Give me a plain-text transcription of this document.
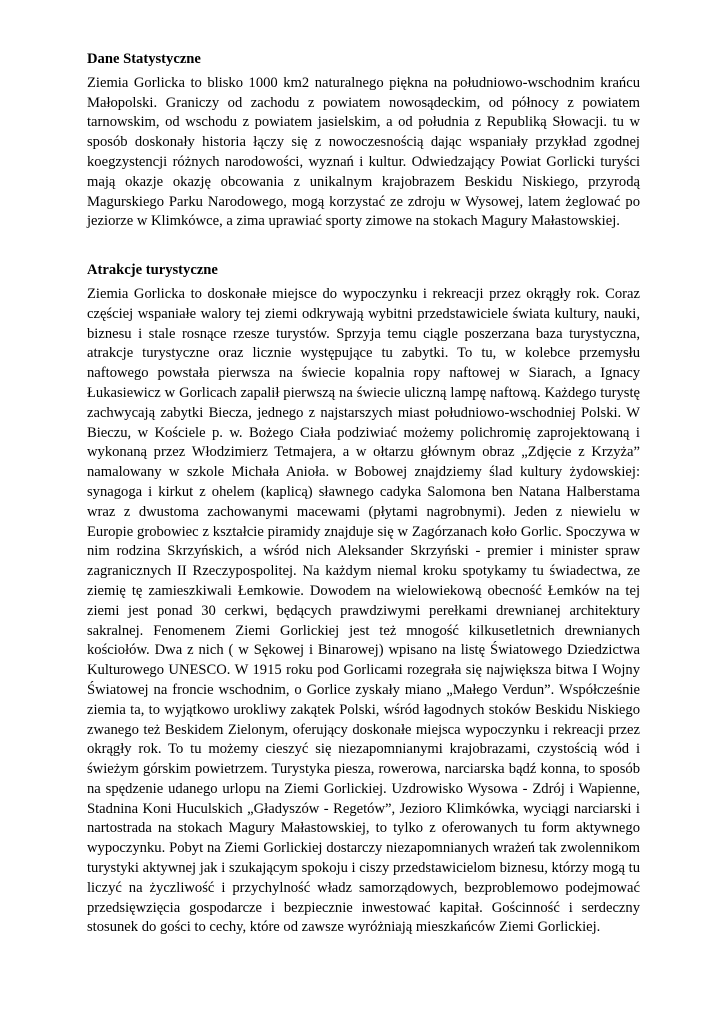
Dane Statystyczne

Ziemia Gorlicka to blisko 1000 km2 naturalnego piękna na południowo-wschodnim krańcu Małopolski. Graniczy od zachodu z powiatem nowosądeckim, od północy z powiatem tarnowskim, od wschodu z powiatem jasielskim, a od południa z Republiką Słowacji. tu w sposób doskonały historia łączy się z nowoczesnością dając wspaniały przykład zgodnej koegzystencji różnych narodowości, wyznań i kultur. Odwiedzający Powiat Gorlicki turyści mają okazje okazję obcowania z unikalnym krajobrazem Beskidu Niskiego, przyrodą Magurskiego Parku Narodowego, mogą korzystać ze zdroju w Wysowej, latem żeglować po jeziorze w Klimkówce, a zima uprawiać sporty zimowe na stokach Magury Małastowskiej.

Atrakcje turystyczne

Ziemia Gorlicka to doskonałe miejsce do wypoczynku i rekreacji przez okrągły rok. Coraz częściej wspaniałe walory tej ziemi odkrywają wybitni przedstawiciele świata kultury, nauki, biznesu i stale rosnące rzesze turystów. Sprzyja temu ciągle poszerzana baza turystyczna, atrakcje turystyczne oraz licznie występujące tu zabytki. To tu, w kolebce przemysłu naftowego powstała pierwsza na świecie kopalnia ropy naftowej w Siarach, a Ignacy Łukasiewicz w Gorlicach zapalił pierwszą na świecie uliczną lampę naftową. Każdego turystę zachwycają zabytki Biecza, jednego z najstarszych miast południowo-wschodniej Polski. W Bieczu, w Kościele p. w. Bożego Ciała podziwiać możemy polichromię zaprojektowaną i wykonaną przez Włodzimierz Tetmajera, a w ołtarzu głównym obraz „Zdjęcie z Krzyża” namalowany w szkole Michała Anioła. w Bobowej znajdziemy ślad kultury żydowskiej: synagoga i kirkut z ohelem (kaplicą) sławnego cadyka Salomona ben Natana Halberstama wraz z dwustoma zachowanymi macewami (płytami nagrobnymi). Jeden z niewielu w Europie grobowiec z kształcie piramidy znajduje się w Zagórzanach koło Gorlic. Spoczywa w nim rodzina Skrzyńskich, a wśród nich Aleksander Skrzyński - premier i minister spraw zagranicznych II Rzeczypospolitej. Na każdym niemal kroku spotykamy tu świadectwa, ze ziemię tę zamieszkiwali Łemkowie. Dowodem na wielowiekową obecność Łemków na tej ziemi jest ponad 30 cerkwi, będących prawdziwymi perełkami drewnianej architektury sakralnej. Fenomenem Ziemi Gorlickiej jest też mnogość kilkusetletnich drewnianych kościołów. Dwa z nich ( w Sękowej i Binarowej) wpisano na listę Światowego Dziedzictwa Kulturowego UNESCO. W 1915 roku pod Gorlicami rozegrała się największa bitwa I Wojny Światowej na froncie wschodnim, o Gorlice zyskały miano „Małego Verdun”. Współcześnie ziemia ta, to wyjątkowo urokliwy zakątek Polski, wśród łagodnych stoków Beskidu Niskiego zwanego też Beskidem Zielonym, oferujący doskonałe miejsca wypoczynku i rekreacji przez okrągły rok. To tu możemy cieszyć się niezapomnianymi krajobrazami, czystością wód i świeżym górskim powietrzem. Turystyka piesza, rowerowa, narciarska bądź konna, to sposób na spędzenie udanego urlopu na Ziemi Gorlickiej. Uzdrowisko Wysowa - Zdrój i Wapienne, Stadnina Koni Huculskich „Gładyszów - Regetów”, Jezioro Klimkówka, wyciągi narciarski i nartostrada na stokach Magury Małastowskiej, to tylko z oferowanych tu form aktywnego wypoczynku. Pobyt na Ziemi Gorlickiej dostarczy niezapomnianych wrażeń tak zwolennikom turystyki aktywnej jak i szukającym spokoju i ciszy przedstawicielom biznesu, którzy mogą tu liczyć na życzliwość i przychylność władz samorządowych, bezproblemowo podejmować przedsięwzięcia gospodarcze i bezpiecznie inwestować kapitał. Gościnność i serdeczny stosunek do gości to cechy, które od zawsze wyróżniają mieszkańców Ziemi Gorlickiej.
